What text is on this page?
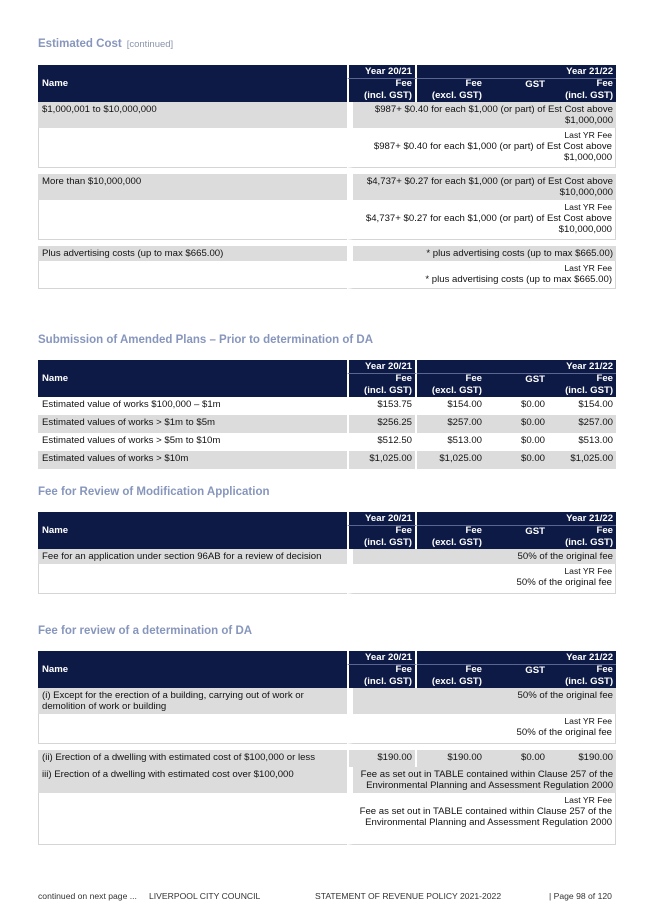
Estimated Cost [continued]
Name	Year 20/21	Year 21/22		
	Fee	Fee	GST	Fee
	(incl. GST)	(excl. GST)		(incl. GST)
$1,000,001 to $10,000,000	$987+ $0.40 for each $1,000 (or part) of Est Cost above $1,000,000			

	Last YR Fee
$987+ $0.40 for each $1,000 (or part) of Est Cost above $1,000,000			

More than $10,000,000	$4,737+ $0.27 for each $1,000 (or part) of Est Cost above $10,000,000			

	Last YR Fee
$4,737+ $0.27 for each $1,000 (or part) of Est Cost above $10,000,000			

Plus advertising costs (up to max $665.00)	* plus advertising costs (up to max $665.00)			

	Last YR Fee
* plus advertising costs (up to max $665.00)			
Submission of Amended Plans – Prior to determination of DA
Name	Year 20/21	Year 21/22		
	Fee	Fee	GST	Fee
	(incl. GST)	(excl. GST)		(incl. GST)
Estimated value of works $100,000 – $1m	$153.75	$154.00	$0.00	$154.00
Estimated values of works > $1m to $5m	$256.25	$257.00	$0.00	$257.00
Estimated values of works > $5m to $10m	$512.50	$513.00	$0.00	$513.00
Estimated values of works > $10m	$1,025.00	$1,025.00	$0.00	$1,025.00
Fee for Review of Modification Application
Name	Year 20/21	Year 21/22		
	Fee	Fee	GST	Fee
	(incl. GST)	(excl. GST)		(incl. GST)
Fee for an application under section 96AB for a review of decision	50% of the original fee			

	Last YR Fee
50% of the original fee			
Fee for review of a determination of DA
Name	Year 20/21	Year 21/22		
	Fee	Fee	GST	Fee
	(incl. GST)	(excl. GST)		(incl. GST)
(i) Except for the erection of a building, carrying out of work or demolition of work or building	50% of the original fee			

	Last YR Fee
50% of the original fee			

(ii) Erection of a dwelling with estimated cost of $100,000 or less	$190.00	$190.00	$0.00	$190.00
iii) Erection of a dwelling with estimated cost over $100,000	Fee as set out in TABLE contained within Clause 257 of the Environmental Planning and Assessment Regulation 2000			

	Last YR Fee
Fee as set out in TABLE contained within Clause 257 of the Environmental Planning and Assessment Regulation 2000			
continued on next page ... LIVERPOOL CITY COUNCIL	STATEMENT OF REVENUE POLICY 2021-2022	| Page 98 of 120
